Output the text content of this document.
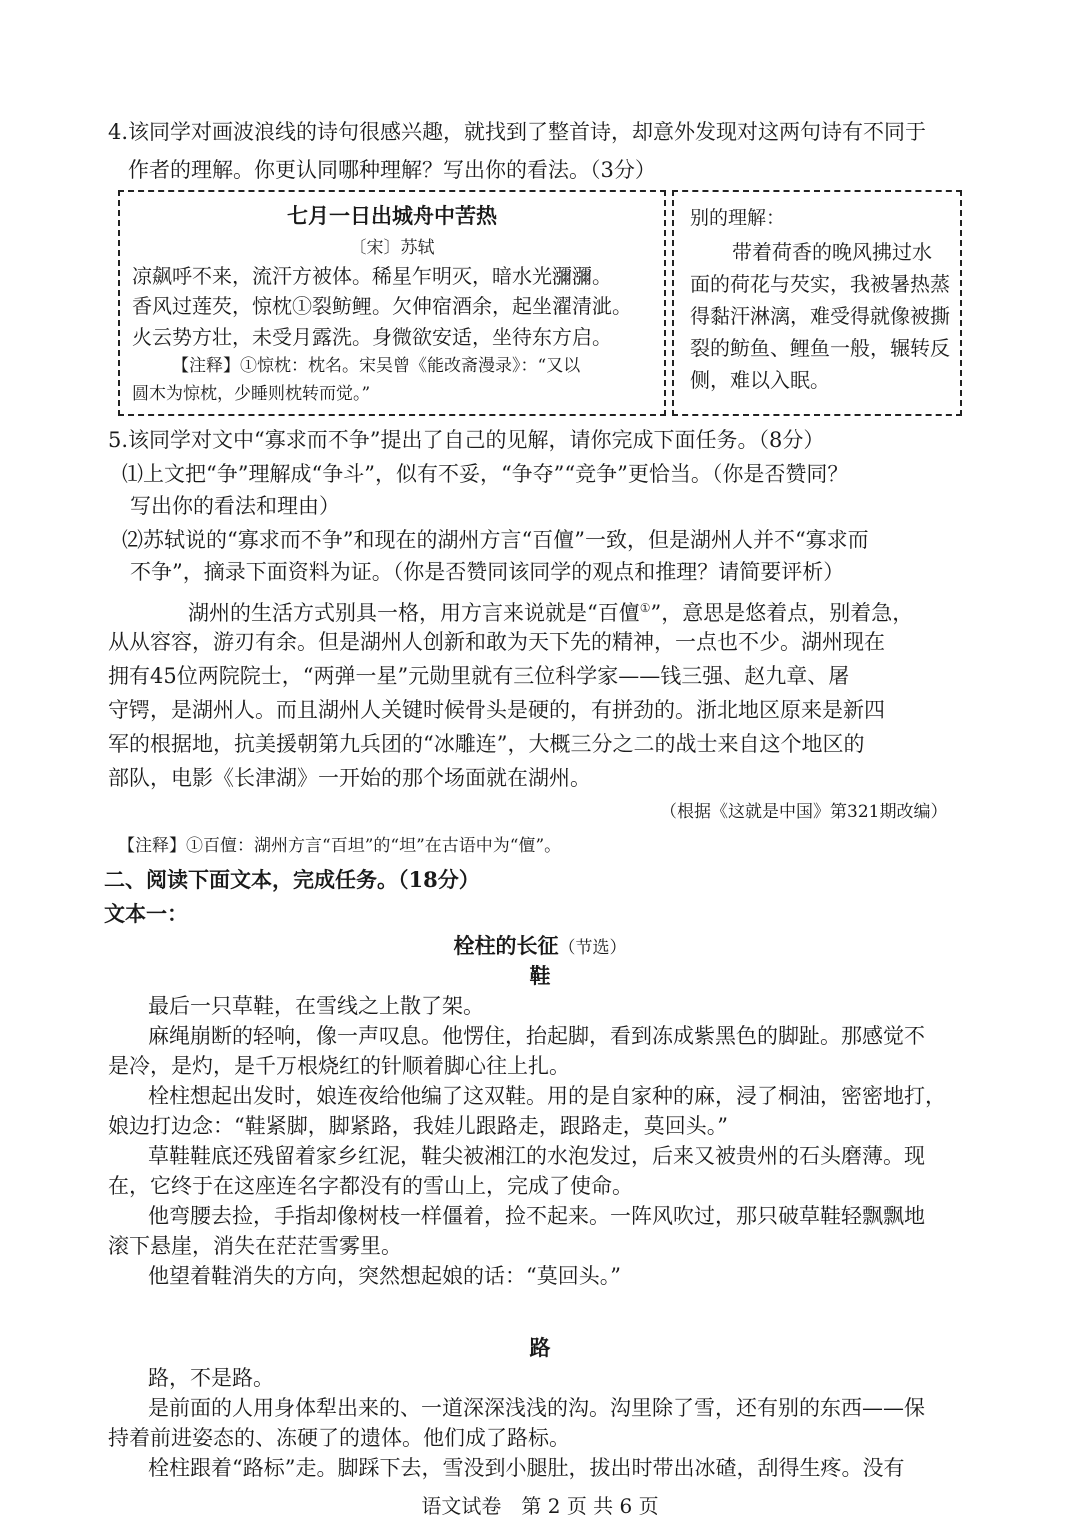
4.该同学对画波浪线的诗句很感兴趣，就找到了整首诗，却意外发现对这两句诗有不同于
作者的理解。你更认同哪种理解？写出你的看法。（3分）
七月一日出城舟中苦热
〔宋〕苏轼
凉飙呼不来，流汗方被体。稀星乍明灭，暗水光瀰瀰。
香风过莲芡，惊枕①裂鲂鲤。欠伸宿酒余，起坐濯清泚。
火云势方壮，未受月露洗。身微欲安适，坐待东方启。
【注释】①惊枕：枕名。宋吴曾《能改斋漫录》：“又以
圆木为惊枕，少睡则枕转而觉。”
别的理解：
带着荷香的晚风拂过水
面的荷花与芡实，我被暑热蒸
得黏汗淋漓，难受得就像被撕
裂的鲂鱼、鲤鱼一般，辗转反
侧，难以入眠。
5.该同学对文中“寡求而不争”提出了自己的见解，请你完成下面任务。（8分）
⑴上文把“争”理解成“争斗”，似有不妥，“争夺”“竞争”更恰当。（你是否赞同？
写出你的看法和理由）
⑵苏轼说的“寡求而不争”和现在的湖州方言“百儃”一致，但是湖州人并不“寡求而
不争”，摘录下面资料为证。（你是否赞同该同学的观点和推理？请简要评析）
湖州的生活方式别具一格，用方言来说就是“百儃①”，意思是悠着点，别着急，
从从容容，游刃有余。但是湖州人创新和敢为天下先的精神，一点也不少。湖州现在
拥有45位两院院士，“两弹一星”元勋里就有三位科学家——钱三强、赵九章、屠
守锷，是湖州人。而且湖州人关键时候骨头是硬的，有拼劲的。浙北地区原来是新四
军的根据地，抗美援朝第九兵团的“冰雕连”，大概三分之二的战士来自这个地区的
部队，电影《长津湖》一开始的那个场面就在湖州。
（根据《这就是中国》第321期改编）
【注释】①百儃：湖州方言“百坦”的“坦”在古语中为“儃”。
二、阅读下面文本，完成任务。（18分）
文本一：
栓柱的长征（节选）
鞋
最后一只草鞋，在雪线之上散了架。
麻绳崩断的轻响，像一声叹息。他愣住，抬起脚，看到冻成紫黑色的脚趾。那感觉不
是冷，是灼，是千万根烧红的针顺着脚心往上扎。
栓柱想起出发时，娘连夜给他编了这双鞋。用的是自家种的麻，浸了桐油，密密地打，
娘边打边念：“鞋紧脚，脚紧路，我娃儿跟路走，跟路走，莫回头。”
草鞋鞋底还残留着家乡红泥，鞋尖被湘江的水泡发过，后来又被贵州的石头磨薄。现
在，它终于在这座连名字都没有的雪山上，完成了使命。
他弯腰去捡，手指却像树枝一样僵着，捡不起来。一阵风吹过，那只破草鞋轻飘飘地
滚下悬崖，消失在茫茫雪雾里。
他望着鞋消失的方向，突然想起娘的话：“莫回头。”
路
路，不是路。
是前面的人用身体犁出来的、一道深深浅浅的沟。沟里除了雪，还有别的东西——保
持着前进姿态的、冻硬了的遗体。他们成了路标。
栓柱跟着“路标”走。脚踩下去，雪没到小腿肚，拔出时带出冰碴，刮得生疼。没有
语文试卷　第 2 页 共 6 页
